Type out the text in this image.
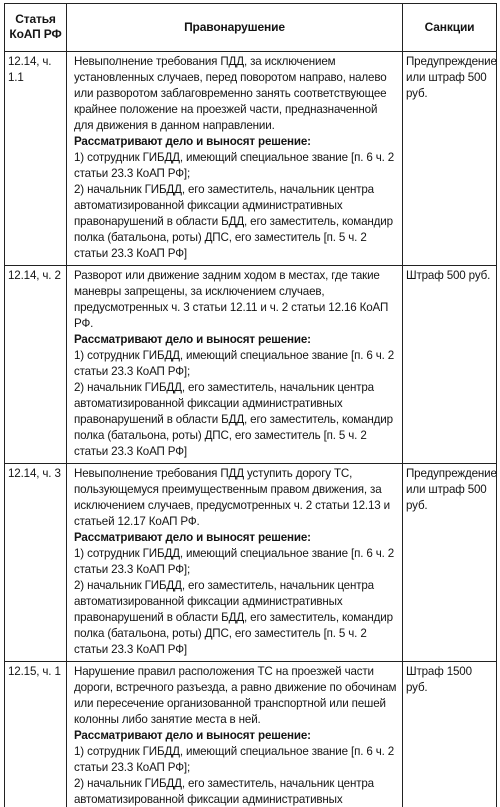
Статья КоАП РФ	Правонарушение	Санкции
12.14, ч. 1.1	Невыполнение требования ПДД, за исключением установленных случаев, перед поворотом направо, налево или разворотом заблаговременно занять соответствующее крайнее положение на проезжей части, предназначенной для движения в данном направлении.
Рассматривают дело и выносят решение:
1) сотрудник ГИБДД, имеющий специальное звание [п. 6 ч. 2 статьи 23.3 КоАП РФ];
2) начальник ГИБДД, его заместитель, начальник центра автоматизированной фиксации административных правонарушений в области БДД, его заместитель, командир полка (батальона, роты) ДПС, его заместитель [п. 5 ч. 2 статьи 23.3 КоАП РФ]	Предупреждение или штраф 500 руб.
12.14, ч. 2	Разворот или движение задним ходом в местах, где такие маневры запрещены, за исключением случаев, предусмотренных ч. 3 статьи 12.11 и ч. 2 статьи 12.16 КоАП РФ.
Рассматривают дело и выносят решение:
1) сотрудник ГИБДД, имеющий специальное звание [п. 6 ч. 2 статьи 23.3 КоАП РФ];
2) начальник ГИБДД, его заместитель, начальник центра автоматизированной фиксации административных правонарушений в области БДД, его заместитель, командир полка (батальона, роты) ДПС, его заместитель [п. 5 ч. 2 статьи 23.3 КоАП РФ]	Штраф 500 руб.
12.14, ч. 3	Невыполнение требования ПДД уступить дорогу ТС, пользующемуся преимущественным правом движения, за исключением случаев, предусмотренных ч. 2 статьи 12.13 и статьей 12.17 КоАП РФ.
Рассматривают дело и выносят решение:
1) сотрудник ГИБДД, имеющий специальное звание [п. 6 ч. 2 статьи 23.3 КоАП РФ];
2) начальник ГИБДД, его заместитель, начальник центра автоматизированной фиксации административных правонарушений в области БДД, его заместитель, командир полка (батальона, роты) ДПС, его заместитель [п. 5 ч. 2 статьи 23.3 КоАП РФ]	Предупреждение или штраф 500 руб.
12.15, ч. 1	Нарушение правил расположения ТС на проезжей части дороги, встречного разъезда, а равно движение по обочинам или пересечение организованной транспортной или пешей колонны либо занятие места в ней.
Рассматривают дело и выносят решение:
1) сотрудник ГИБДД, имеющий специальное звание [п. 6 ч. 2 статьи 23.3 КоАП РФ];
2) начальник ГИБДД, его заместитель, начальник центра автоматизированной фиксации административных	Штраф 1500 руб.
